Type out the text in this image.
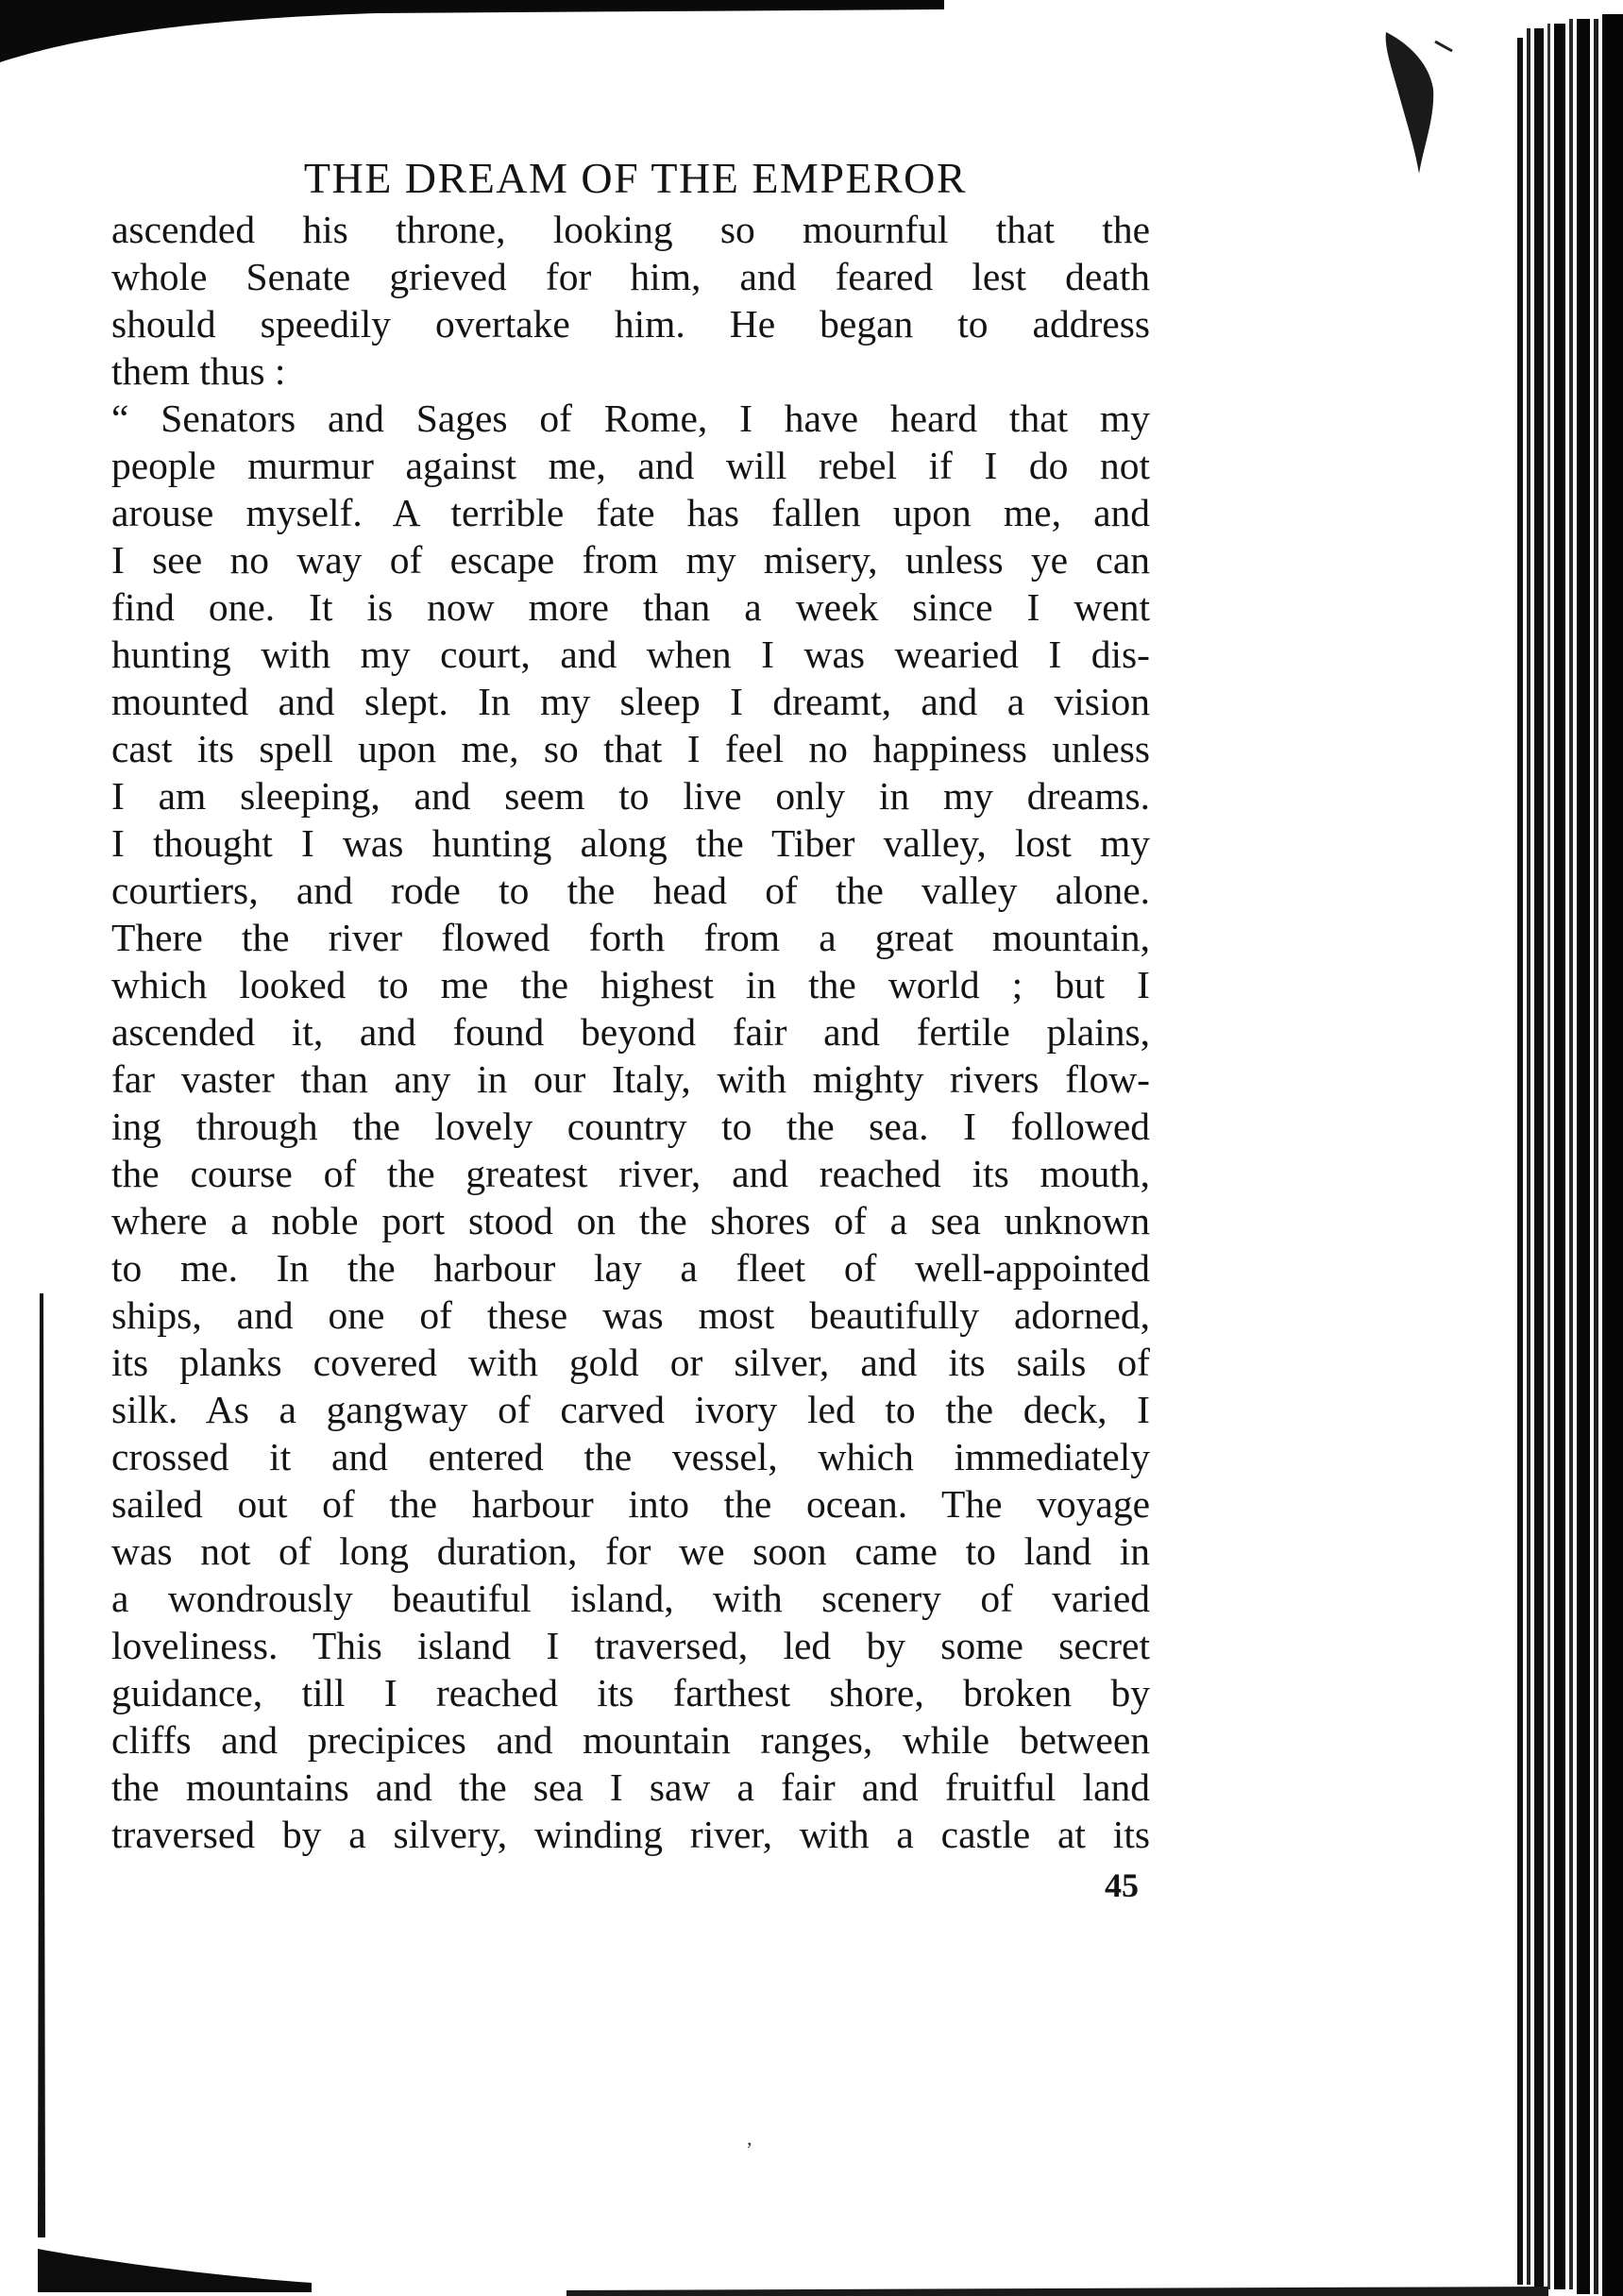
THE DREAM OF THE EMPEROR
ascended his throne, looking so mournful that the
whole Senate grieved for him, and feared lest death
should speedily overtake him. He began to address
them thus :
“ Senators and Sages of Rome, I have heard that my
people murmur against me, and will rebel if I do not
arouse myself. A terrible fate has fallen upon me, and
I see no way of escape from my misery, unless ye can
find one. It is now more than a week since I went
hunting with my court, and when I was wearied I dis-
mounted and slept. In my sleep I dreamt, and a vision
cast its spell upon me, so that I feel no happiness unless
I am sleeping, and seem to live only in my dreams.
I thought I was hunting along the Tiber valley, lost my
courtiers, and rode to the head of the valley alone.
There the river flowed forth from a great mountain,
which looked to me the highest in the world ; but I
ascended it, and found beyond fair and fertile plains,
far vaster than any in our Italy, with mighty rivers flow-
ing through the lovely country to the sea. I followed
the course of the greatest river, and reached its mouth,
where a noble port stood on the shores of a sea unknown
to me. In the harbour lay a fleet of well-appointed
ships, and one of these was most beautifully adorned,
its planks covered with gold or silver, and its sails of
silk. As a gangway of carved ivory led to the deck, I
crossed it and entered the vessel, which immediately
sailed out of the harbour into the ocean. The voyage
was not of long duration, for we soon came to land in
a wondrously beautiful island, with scenery of varied
loveliness. This island I traversed, led by some secret
guidance, till I reached its farthest shore, broken by
cliffs and precipices and mountain ranges, while between
the mountains and the sea I saw a fair and fruitful land
traversed by a silvery, winding river, with a castle at its
45
‚
